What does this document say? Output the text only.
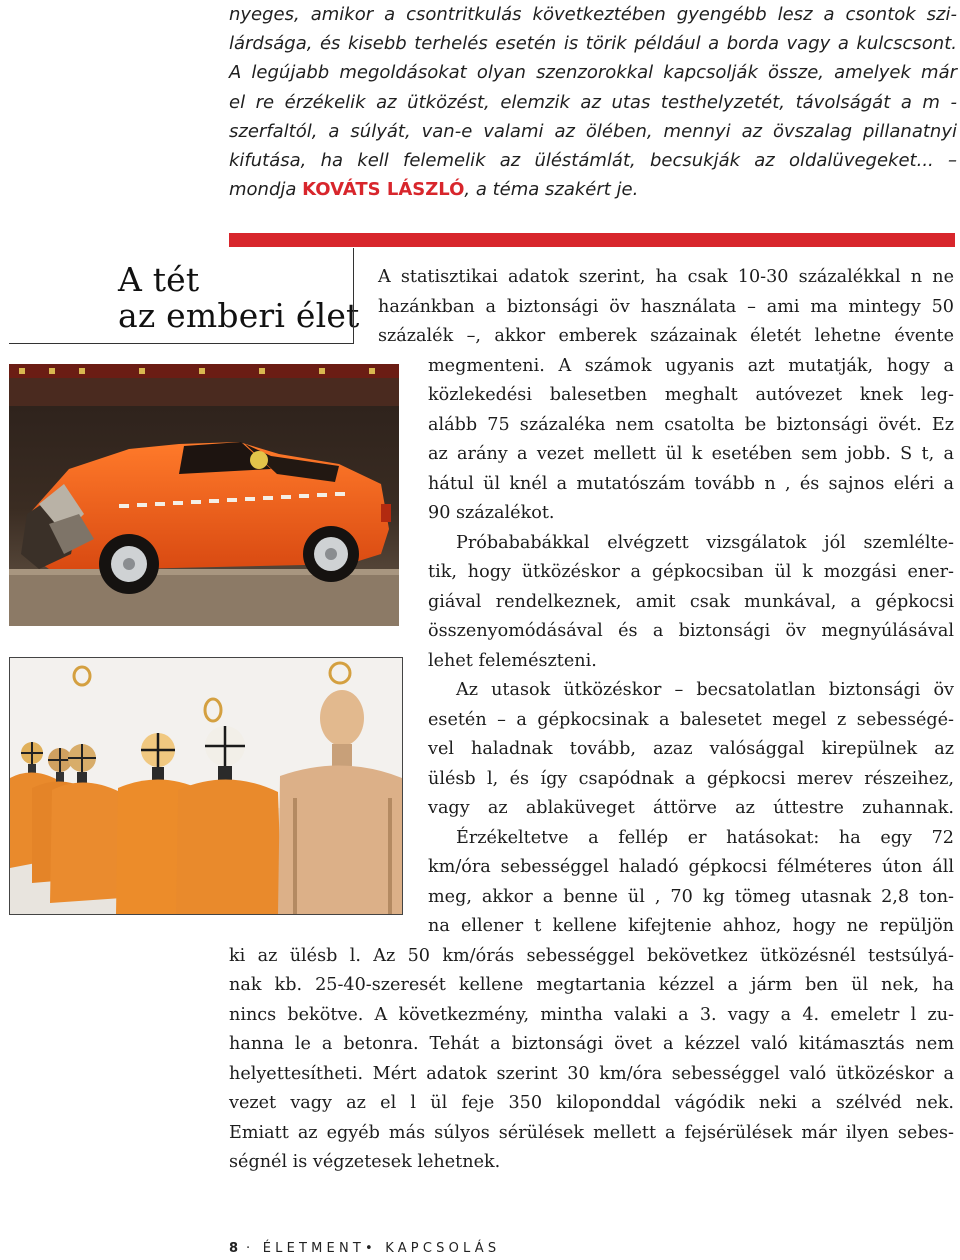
nyeges, amikor a csontritkulás következtében gyengébb lesz a csontok szi-
lárdsága, és kisebb terhelés esetén is törik például a borda vagy a kulcscsont.
A legújabb megoldásokat olyan szenzorokkal kapcsolják össze, amelyek már
el re érzékelik az ütközést, elemzik az utas testhelyzetét, távolságát a m -
szerfaltól, a súlyát, van-e valami az ölében, mennyi az övszalag pillanatnyi
kifutása, ha kell felemelik az üléstámlát, becsukják az oldalüvegeket... –
mondja KOVÁTS LÁSZLÓ, a téma szakért je.
A tét
az emberi élet
A statisztikai adatok szerint, ha csak 10-30 százalékkal n ne
hazánkban a biztonsági öv használata – ami ma mintegy 50
százalék –, akkor emberek százainak életét lehetne évente
megmenteni. A számok ugyanis azt mutatják, hogy a
közlekedési balesetben meghalt autóvezet knek leg-
alább 75 százaléka nem csatolta be biztonsági övét. Ez
az arány a vezet mellett ül k esetében sem jobb. S t, a
hátul ül knél a mutatószám tovább n , és sajnos eléri a
90 százalékot.
Próbababákkal elvégzett vizsgálatok jól szemlélte-
tik, hogy ütközéskor a gépkocsiban ül k mozgási ener-
giával rendelkeznek, amit csak munkával, a gépkocsi
összenyomódásával és a biztonsági öv megnyúlásával
lehet felemészteni.
Az utasok ütközéskor – becsatolatlan biztonsági öv
esetén – a gépkocsinak a balesetet megel z sebességé-
vel haladnak tovább, azaz valósággal kirepülnek az
ülésb l, és így csapódnak a gépkocsi merev részeihez,
vagy az ablaküveget áttörve az úttestre zuhannak.
Érzékeltetve a fellép er hatásokat: ha egy 72
km/óra sebességgel haladó gépkocsi félméteres úton áll
meg, akkor a benne ül , 70 kg tömeg utasnak 2,8 ton-
na ellener t kellene kifejtenie ahhoz, hogy ne repüljön
ki az ülésb l. Az 50 km/órás sebességgel bekövetkez ütközésnél testsúlyá-
nak kb. 25-40-szeresét kellene megtartania kézzel a járm ben ül nek, ha
nincs bekötve. A következmény, mintha valaki a 3. vagy a 4. emeletr l zu-
hanna le a betonra. Tehát a biztonsági övet a kézzel való kitámasztás nem
helyettesítheti. Mért adatok szerint 30 km/óra sebességgel való ütközéskor a
vezet vagy az el l ül feje 350 kiloponddal vágódik neki a szélvéd nek.
Emiatt az egyéb más súlyos sérülések mellett a fejsérülések már ilyen sebes-
ségnél is végzetesek lehetnek.
8 · ÉLETMENT• KAPCSOLÁS
